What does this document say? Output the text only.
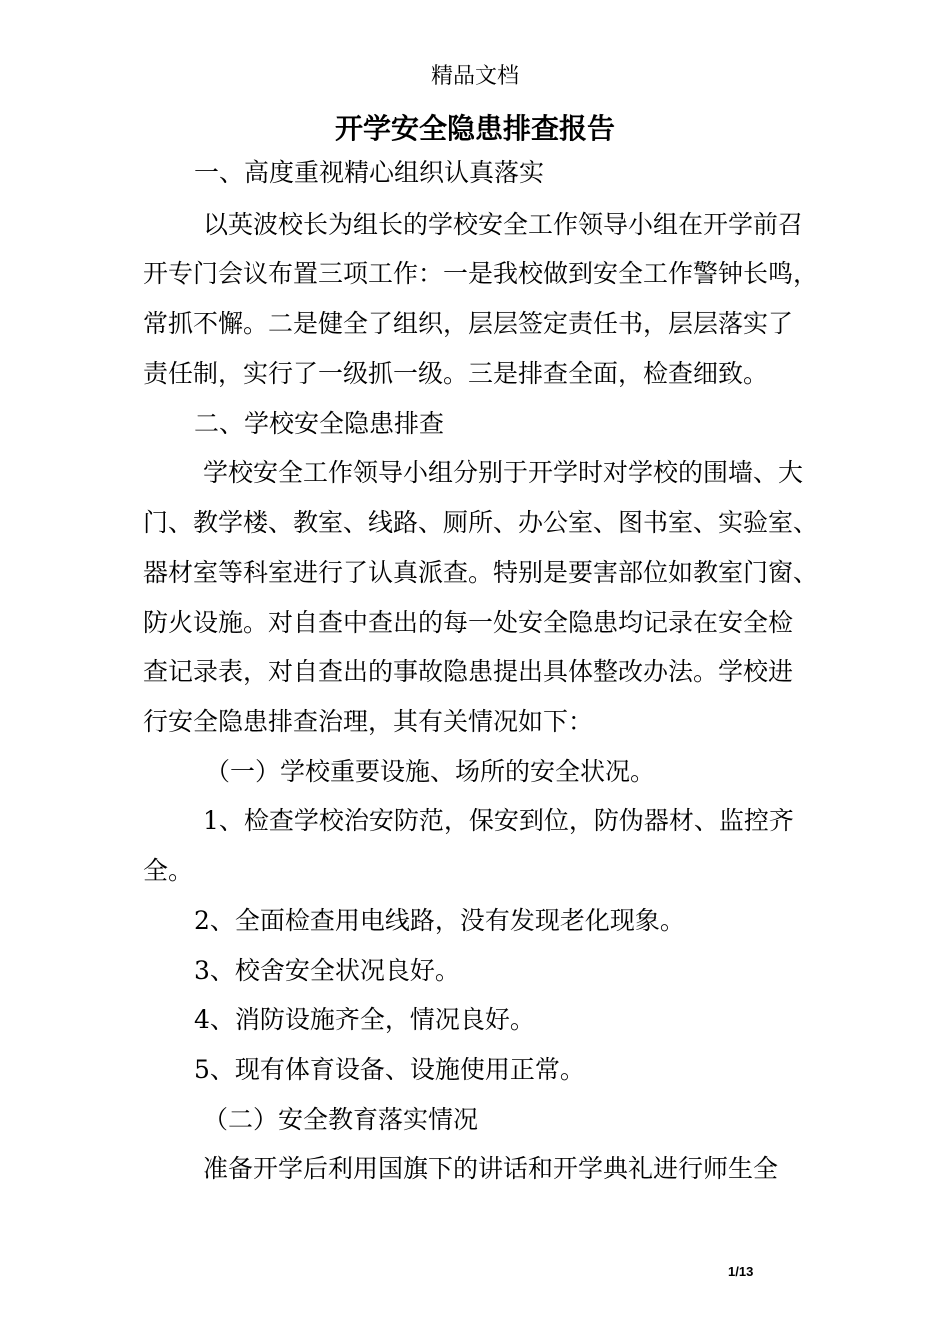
精品文档
开学安全隐患排查报告
一、高度重视精心组织认真落实
以英波校长为组长的学校安全工作领导小组在开学前召
开专门会议布置三项工作：一是我校做到安全工作警钟长鸣，
常抓不懈。二是健全了组织，层层签定责任书，层层落实了
责任制，实行了一级抓一级。三是排查全面，检查细致。
二、学校安全隐患排查
学校安全工作领导小组分别于开学时对学校的围墙、大
门、教学楼、教室、线路、厕所、办公室、图书室、实验室、
器材室等科室进行了认真派查。特别是要害部位如教室门窗、
防火设施。对自查中查出的每一处安全隐患均记录在安全检
查记录表，对自查出的事故隐患提出具体整改办法。学校进
行安全隐患排查治理，其有关情况如下：
（一）学校重要设施、场所的安全状况。
1、检查学校治安防范，保安到位，防伪器材、监控齐
全。
2、全面检查用电线路，没有发现老化现象。
3、校舍安全状况良好。
4、消防设施齐全，情况良好。
5、现有体育设备、设施使用正常。
（二）安全教育落实情况
准备开学后利用国旗下的讲话和开学典礼进行师生全
1/13
